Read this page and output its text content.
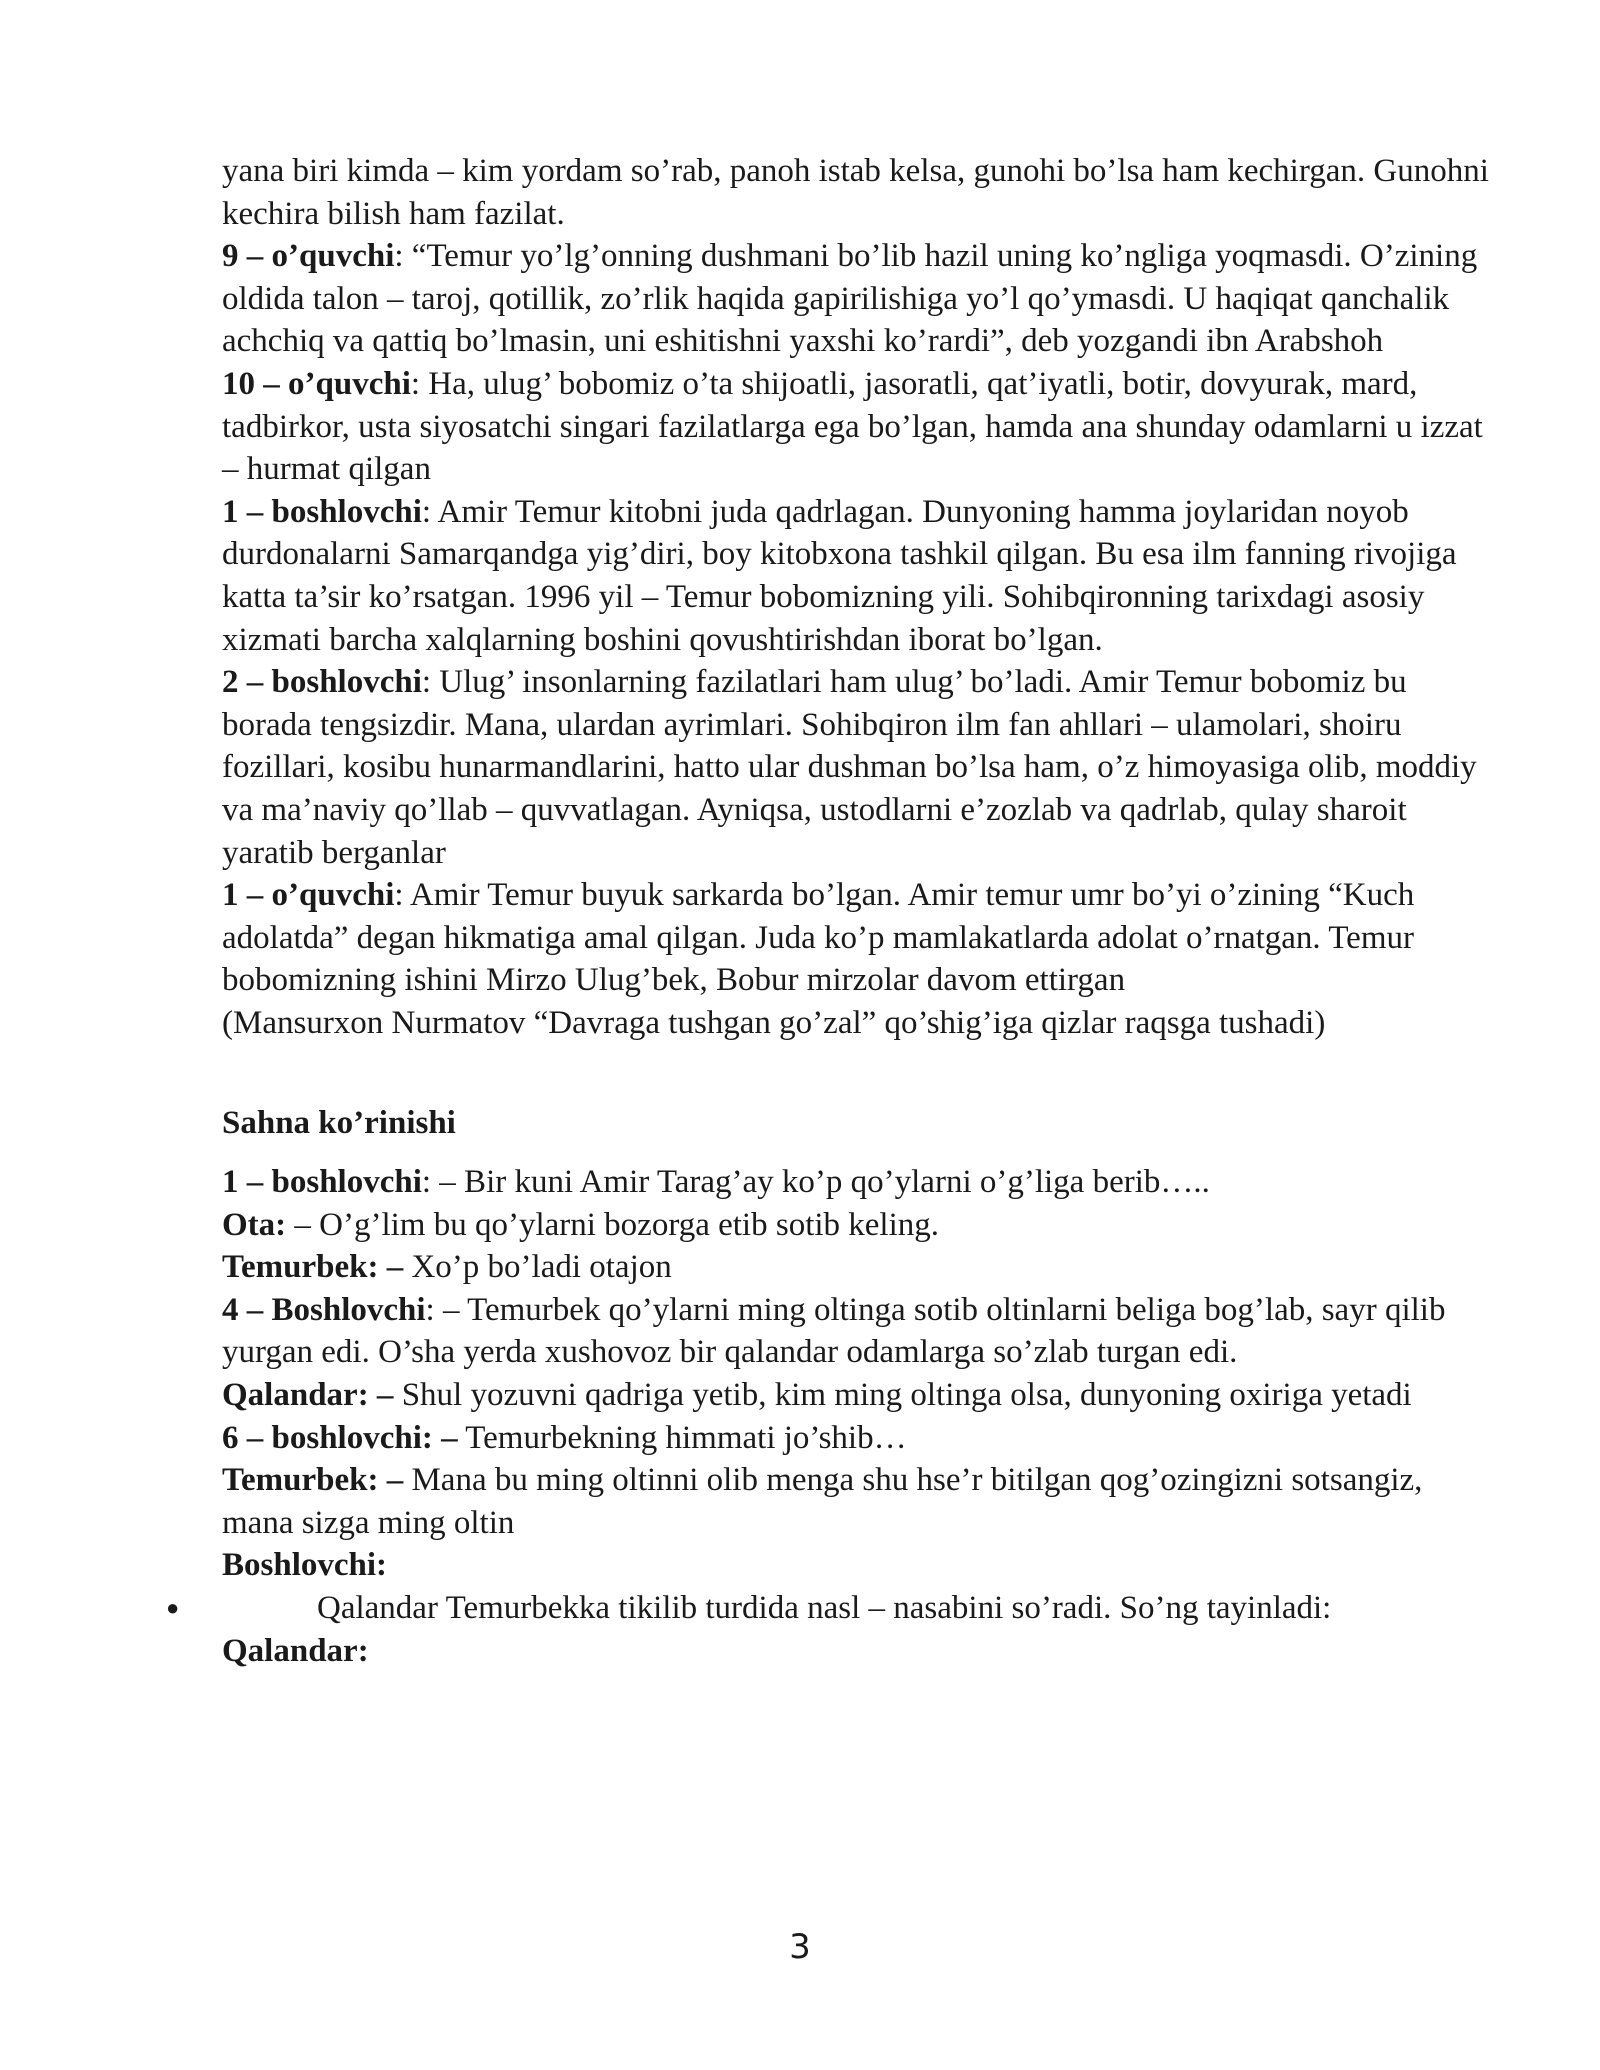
yana biri kimda – kim yordam so’rab, panoh istab kelsa, gunohi bo’lsa ham kechirgan. Gunohni kechira bilish ham fazilat.

9 – o’quvchi: “Temur yo’lg’onning dushmani bo’lib hazil uning ko’ngliga yoqmasdi. O’zining oldida talon – taroj, qotillik, zo’rlik haqida gapirilishiga yo’l qo’ymasdi. U haqiqat qanchalik achchiq va qattiq bo’lmasin, uni eshitishni yaxshi ko’rardi”, deb yozgandi ibn Arabshoh

10 – o’quvchi: Ha, ulug’ bobomiz o’ta shijoatli, jasoratli, qat’iyatli, botir, dovyurak, mard, tadbirkor, usta siyosatchi singari fazilatlarga ega bo’lgan, hamda ana shunday odamlarni u izzat – hurmat qilgan

1 – boshlovchi: Amir Temur kitobni juda qadrlagan. Dunyoning hamma joylaridan noyob durdonalarni Samarqandga yig’diri, boy kitobxona tashkil qilgan. Bu esa ilm fanning rivojiga katta ta’sir ko’rsatgan. 1996 yil – Temur bobomizning yili. Sohibqironning tarixdagi asosiy xizmati barcha xalqlarning boshini qovushtirishdan iborat bo’lgan.

2 – boshlovchi: Ulug’ insonlarning fazilatlari ham ulug’ bo’ladi. Amir Temur bobomiz bu borada tengsizdir. Mana, ulardan ayrimlari. Sohibqiron ilm fan ahllari – ulamolari, shoiru fozillari, kosibu hunarmandlarini, hatto ular dushman bo’lsa ham, o’z himoyasiga olib, moddiy va ma’naviy qo’llab – quvvatlagan. Ayniqsa, ustodlarni e’zozlab va qadrlab, qulay sharoit yaratib berganlar

1 – o’quvchi: Amir Temur buyuk sarkarda bo’lgan. Amir temur umr bo’yi o’zining “Kuch adolatda” degan hikmatiga amal qilgan. Juda ko’p mamlakatlarda adolat o’rnatgan. Temur bobomizning ishini Mirzo Ulug’bek, Bobur mirzolar davom ettirgan

(Mansurxon Nurmatov “Davraga tushgan go’zal” qo’shig’iga qizlar raqsga tushadi)

Sahna ko’rinishi

1 – boshlovchi: – Bir kuni Amir Tarag’ay ko’p qo’ylarni o’g’liga berib…..

Ota: – O’g’lim bu qo’ylarni bozorga etib sotib keling.

Temurbek: – Xo’p bo’ladi otajon

4 – Boshlovchi: – Temurbek qo’ylarni ming oltinga sotib oltinlarni beliga bog’lab, sayr qilib yurgan edi. O’sha yerda xushovoz bir qalandar odamlarga so’zlab turgan edi.

Qalandar: – Shul yozuvni qadriga yetib, kim ming oltinga olsa, dunyoning oxiriga yetadi

6 – boshlovchi: – Temurbekning himmati jo’shib…

Temurbek: – Mana bu ming oltinni olib menga shu hse’r bitilgan qog’ozingizni sotsangiz, mana sizga ming oltin

Boshlovchi:

●	Qalandar Temurbekka tikilib turdida nasl – nasabini so’radi. So’ng tayinladi:

Qalandar:

3
